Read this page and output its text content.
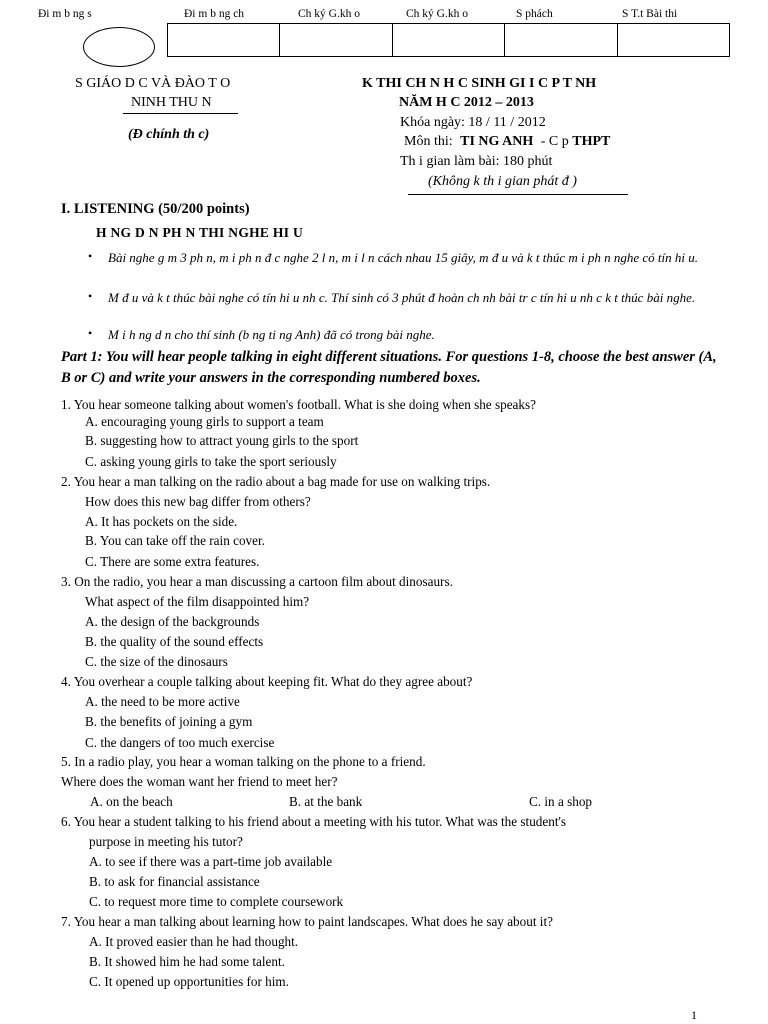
Đi m b ng s	Đi m b ng ch	Ch ký G.kh o	Ch ký G.kh o	S phách	S T.t Bài thi
S GIÁO D C VÀ ĐÀO T O
NINH THU N
(Đ chính th c)
K THI CH N H C SINH GI I C P T NH
NĂM H C 2012 – 2013
Khóa ngày: 18 / 11 / 2012
Môn thi: TI NG ANH - C p THPT
Th i gian làm bài: 180 phút
(Không k th i gian phát đ )
I. LISTENING (50/200 points)
H NG D N PH N THI NGHE HI U
• Bài nghe g m 3 ph n, m i ph n đ c nghe 2 l n, m i l n cách nhau 15 giây, m đ u và k t thúc m i ph n nghe có tín hi u.
• M đ u và k t thúc bài nghe có tín hi u nh c. Thí sinh có 3 phút đ hoàn ch nh bài tr c tín hi u nh c k t thúc bài nghe.
• M i h ng d n cho thí sinh (b ng ti ng Anh) đã có trong bài nghe.
Part 1: You will hear people talking in eight different situations. For questions 1-8, choose the best answer (A, B or C) and write your answers in the corresponding numbered boxes.
1. You hear someone talking about women's football. What is she doing when she speaks?
A. encouraging young girls to support a team
B. suggesting how to attract young girls to the sport
C. asking young girls to take the sport seriously
2. You hear a man talking on the radio about a bag made for use on walking trips.
How does this new bag differ from others?
A. It has pockets on the side.
B. You can take off the rain cover.
C. There are some extra features.
3. On the radio, you hear a man discussing a cartoon film about dinosaurs.
What aspect of the film disappointed him?
A. the design of the backgrounds
B. the quality of the sound effects
C. the size of the dinosaurs
4. You overhear a couple talking about keeping fit. What do they agree about?
A. the need to be more active
B. the benefits of joining a gym
C. the dangers of too much exercise
5. In a radio play, you hear a woman talking on the phone to a friend.
Where does the woman want her friend to meet her?
A. on the beach	B. at the bank	C. in a shop
6. You hear a student talking to his friend about a meeting with his tutor. What was the student's
purpose in meeting his tutor?
A. to see if there was a part-time job available
B. to ask for financial assistance
C. to request more time to complete coursework
7. You hear a man talking about learning how to paint landscapes. What does he say about it?
A. It proved easier than he had thought.
B. It showed him he had some talent.
C. It opened up opportunities for him.
1
